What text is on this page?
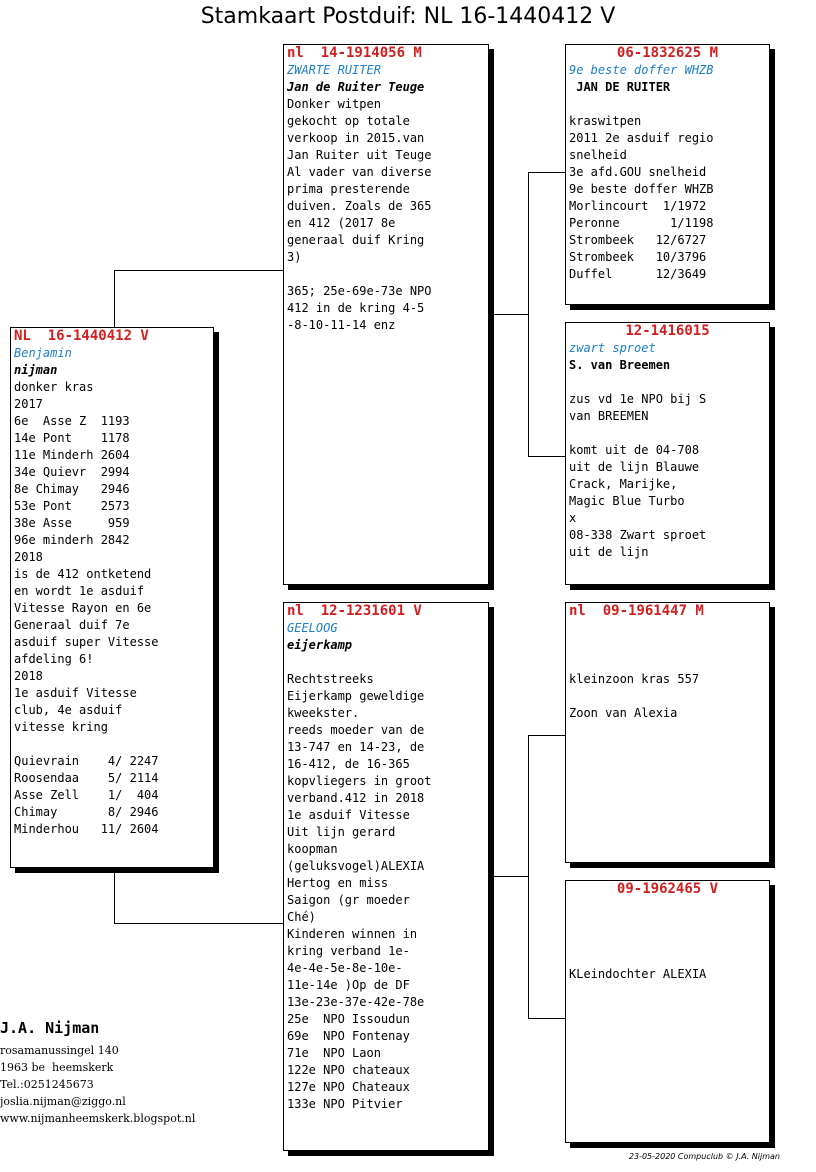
Stamkaart Postduif: NL 16-1440412 V
NL  16-1440412 V
Benjamin
nijman
donker kras
2017
6e  Asse Z  1193
14e Pont    1178
11e Minderh 2604
34e Quievr  2994
8e Chimay   2946
53e Pont    2573
38e Asse     959
96e minderh 2842
2018
is de 412 ontketend
en wordt 1e asduif
Vitesse Rayon en 6e
Generaal duif 7e
asduif super Vitesse
afdeling 6!
2018
1e asduif Vitesse
club, 4e asduif
vitesse kring
Quievrain    4/ 2247
Roosendaa    5/ 2114
Asse Zell    1/  404
Chimay       8/ 2946
Minderhou   11/ 2604
nl  14-1914056 M
ZWARTE RUITER
Jan de Ruiter Teuge
Donker witpen
gekocht op totale
verkoop in 2015.van
Jan Ruiter uit Teuge
Al vader van diverse
prima presterende
duiven. Zoals de 365
en 412 (2017 8e
generaal duif Kring
3)
365; 25e-69e-73e NPO
412 in de kring 4-5
-8-10-11-14 enz
nl  12-1231601 V
GEELOOG
eijerkamp
Rechtstreeks
Eijerkamp geweldige
kweekster.
reeds moeder van de
13-747 en 14-23, de
16-412, de 16-365
kopvliegers in groot
verband.412 in 2018
1e asduif Vitesse
Uit lijn gerard
koopman
(geluksvogel)ALEXIA
Hertog en miss
Saigon (gr moeder
Ché)
Kinderen winnen in
kring verband 1e-
4e-4e-5e-8e-10e-
11e-14e )Op de DF
13e-23e-37e-42e-78e
25e  NPO Issoudun
69e  NPO Fontenay
71e  NPO Laon
122e NPO chateaux
127e NPO Chateaux
133e NPO Pitvier
06-1832625 M
9e beste doffer WHZB
JAN DE RUITER
kraswitpen
2011 2e asduif regio
snelheid
3e afd.GOU snelheid
9e beste doffer WHZB
Morlincourt  1/1972
Peronne       1/1198
Strombeek   12/6727
Strombeek   10/3796
Duffel      12/3649
12-1416015
zwart sproet
S. van Breemen
zus vd 1e NPO bij S
van BREEMEN
komt uit de 04-708
uit de lijn Blauwe
Crack, Marijke,
Magic Blue Turbo
x
08-338 Zwart sproet
uit de lijn
nl  09-1961447 M
kleinzoon kras 557
Zoon van Alexia
09-1962465 V
KLeindochter ALEXIA
J.A. Nijman
rosamanussingel 140
1963 be  heemskerk
Tel.:0251245673
joslia.nijman@ziggo.nl
www.nijmanheemskerk.blogspot.nl
23-05-2020 Compuclub © J.A. Nijman
